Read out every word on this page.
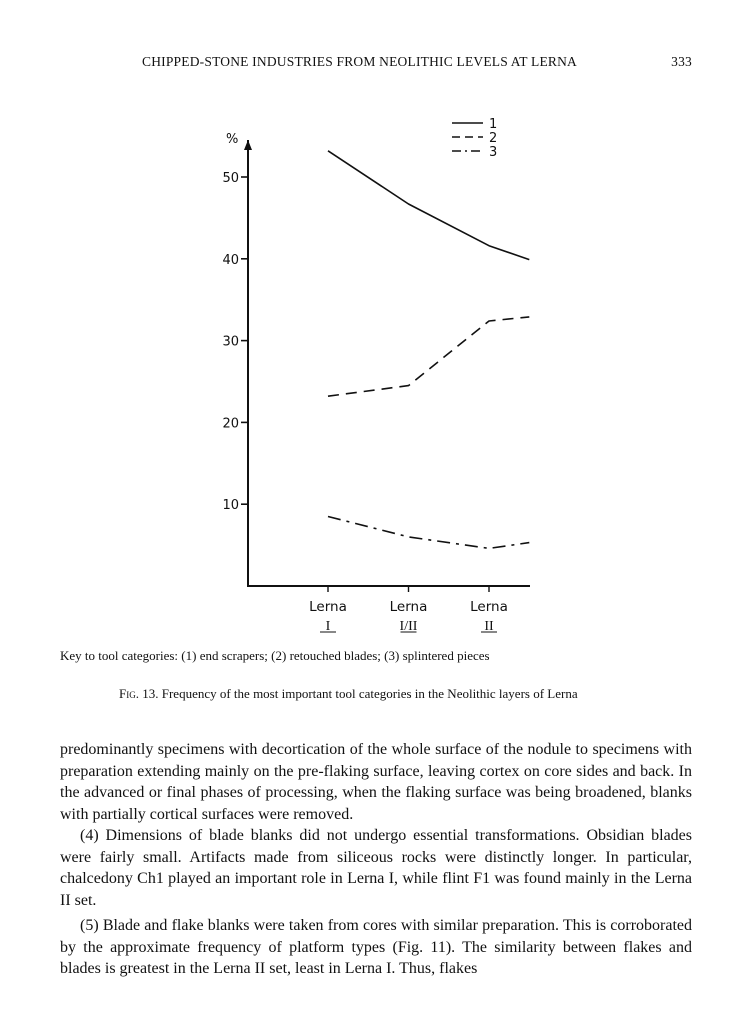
CHIPPED-STONE INDUSTRIES FROM NEOLITHIC LEVELS AT LERNA	333
%
10
20
30
40
50
Lerna
I
Lerna
I/II
Lerna
II
1
2
3
Key to tool categories: (1) end scrapers; (2) retouched blades; (3) splintered pieces
Fig. 13. Frequency of the most important tool categories in the Neolithic layers of Lerna

predominantly specimens with decortication of the whole surface of the nodule to specimens with preparation extending mainly on the pre-flaking surface, leaving cortex on core sides and back. In the advanced or final phases of processing, when the flaking surface was being broadened, blanks with partially cortical surfaces were removed.

(4) Dimensions of blade blanks did not undergo essential transformations. Obsidian blades were fairly small. Artifacts made from siliceous rocks were distinctly longer. In particular, chalcedony Ch1 played an important role in Lerna I, while flint F1 was found mainly in the Lerna II set.

(5) Blade and flake blanks were taken from cores with similar preparation. This is corroborated by the approximate frequency of platform types (Fig. 11). The similarity between flakes and blades is greatest in the Lerna II set, least in Lerna I. Thus, flakes
